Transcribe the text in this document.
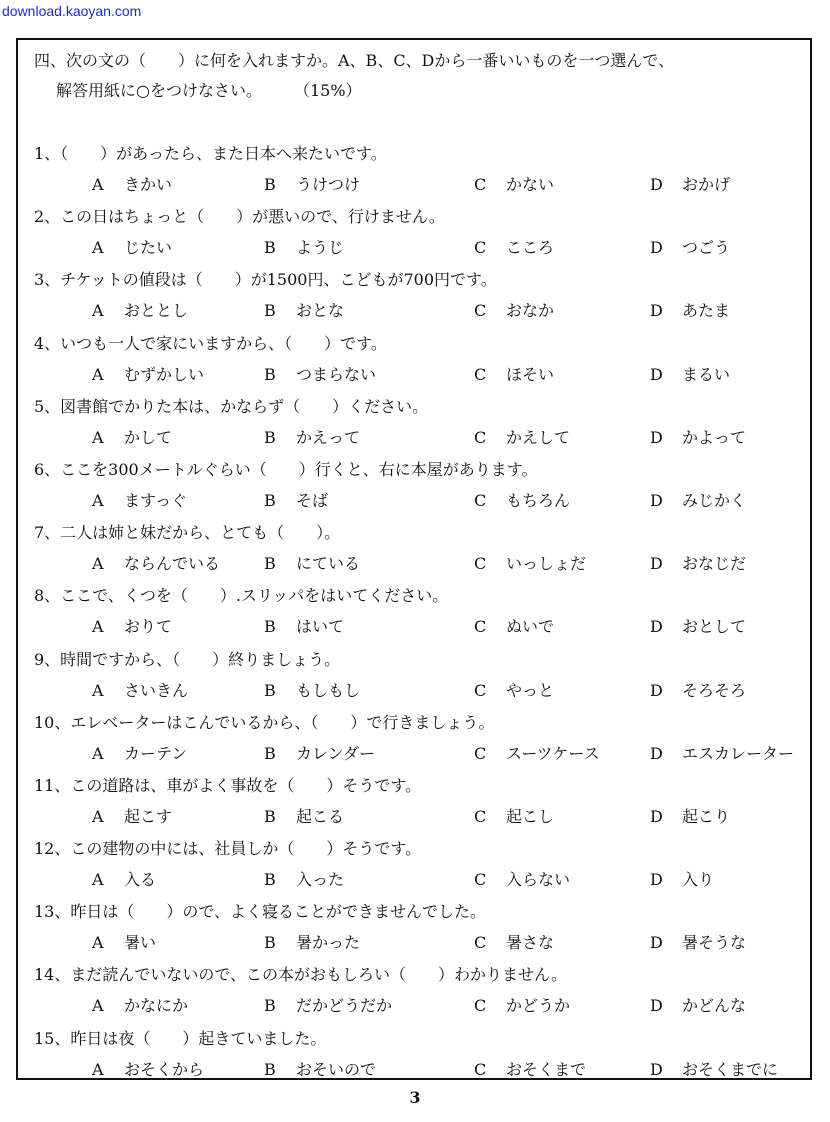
download.kaoyan.com
四、次の文の（　　）に何を入れますか。A、B、C、Dから一番いいものを一つ選んで、
解答用紙に○をつけなさい。	（15%）
1、（　　）があったら、また日本へ来たいです。
A きかい	B うけつけ	C かない	D おかげ
2、この日はちょっと（　　）が悪いので、行けません。
A じたい	B ようじ	C こころ	D つごう
3、チケットの値段は（　　）が1500円、こどもが700円です。
A おととし	B おとな	C おなか	D あたま
4、いつも一人で家にいますから、（　　）です。
A むずかしい	B つまらない	C ほそい	D まるい
5、図書館でかりた本は、かならず（　　）ください。
A かして	B かえって	C かえして	D かよって
6、ここを300メートルぐらい（　　）行くと、右に本屋があります。
A ますっぐ	B そば	C もちろん	D みじかく
7、二人は姉と妹だから、とても（　　）。
A ならんでいる	B にている	C いっしょだ	D おなじだ
8、ここで、くつを（　　）.スリッパをはいてください。
A おりて	B はいて	C ぬいで	D おとして
9、時間ですから、（　　）終りましょう。
A さいきん	B もしもし	C やっと	D そろそろ
10、エレベーターはこんでいるから、（　　）で行きましょう。
A カーテン	B カレンダー	C スーツケース	D エスカレーター
11、この道路は、車がよく事故を（　　）そうです。
A 起こす	B 起こる	C 起こし	D 起こり
12、この建物の中には、社員しか（　　）そうです。
A 入る	B 入った	C 入らない	D 入り
13、昨日は（　　）ので、よく寝ることができませんでした。
A 暑い	B 暑かった	C 暑さな	D 暑そうな
14、まだ読んでいないので、この本がおもしろい（　　）わかりません。
A かなにか	B だかどうだか	C かどうか	D かどんな
15、昨日は夜（　　）起きていました。
A おそくから	B おそいので	C おそくまで	D おそくまでに
3
